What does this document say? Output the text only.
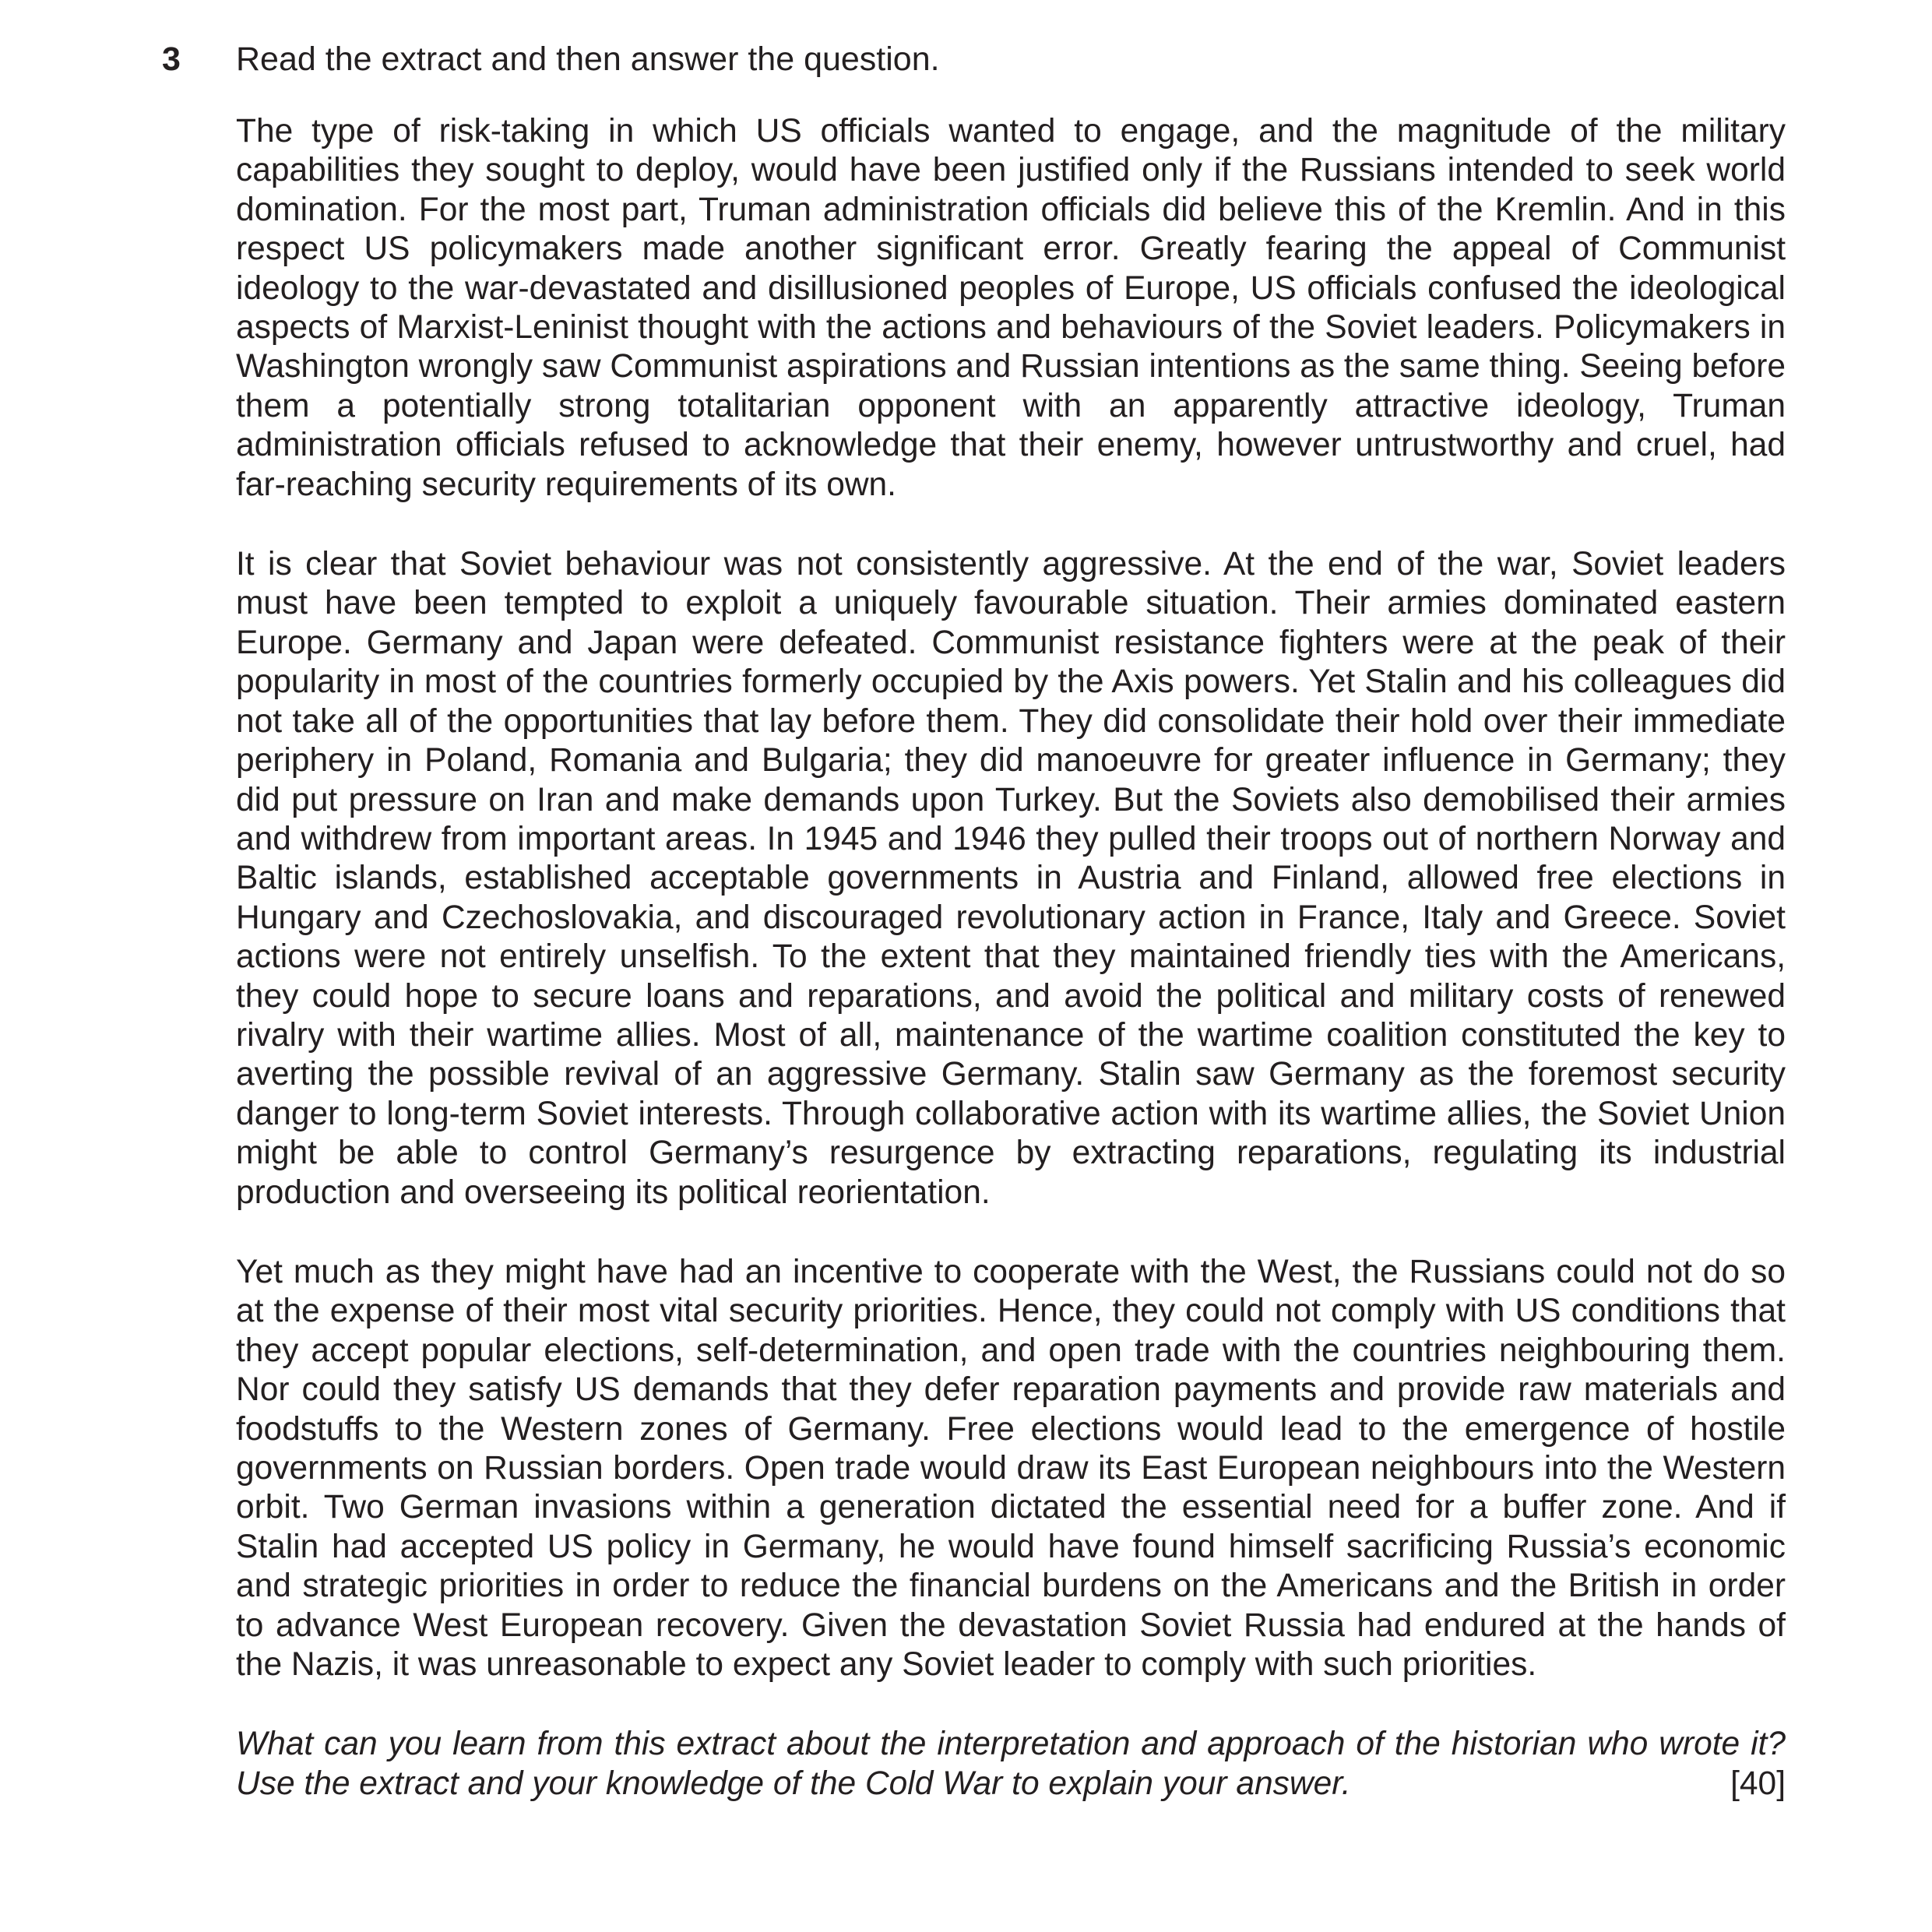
3 Read the extract and then answer the question.

The type of risk-taking in which US officials wanted to engage, and the magnitude of the military capabilities they sought to deploy, would have been justified only if the Russians intended to seek world domination. For the most part, Truman administration officials did believe this of the Kremlin. And in this respect US policymakers made another significant error. Greatly fearing the appeal of Communist ideology to the war-devastated and disillusioned peoples of Europe, US officials confused the ideological aspects of Marxist-Leninist thought with the actions and behaviours of the Soviet leaders. Policymakers in Washington wrongly saw Communist aspirations and Russian intentions as the same thing. Seeing before them a potentially strong totalitarian opponent with an apparently attractive ideology, Truman administration officials refused to acknowledge that their enemy, however untrustworthy and cruel, had far-reaching security requirements of its own.

It is clear that Soviet behaviour was not consistently aggressive. At the end of the war, Soviet leaders must have been tempted to exploit a uniquely favourable situation. Their armies dominated eastern Europe. Germany and Japan were defeated. Communist resistance fighters were at the peak of their popularity in most of the countries formerly occupied by the Axis powers. Yet Stalin and his colleagues did not take all of the opportunities that lay before them. They did consolidate their hold over their immediate periphery in Poland, Romania and Bulgaria; they did manoeuvre for greater influence in Germany; they did put pressure on Iran and make demands upon Turkey. But the Soviets also demobilised their armies and withdrew from important areas. In 1945 and 1946 they pulled their troops out of northern Norway and Baltic islands, established acceptable governments in Austria and Finland, allowed free elections in Hungary and Czechoslovakia, and discouraged revolutionary action in France, Italy and Greece. Soviet actions were not entirely unselfish. To the extent that they maintained friendly ties with the Americans, they could hope to secure loans and reparations, and avoid the political and military costs of renewed rivalry with their wartime allies. Most of all, maintenance of the wartime coalition constituted the key to averting the possible revival of an aggressive Germany. Stalin saw Germany as the foremost security danger to long-term Soviet interests. Through collaborative action with its wartime allies, the Soviet Union might be able to control Germany’s resurgence by extracting reparations, regulating its industrial production and overseeing its political reorientation.

Yet much as they might have had an incentive to cooperate with the West, the Russians could not do so at the expense of their most vital security priorities. Hence, they could not comply with US conditions that they accept popular elections, self-determination, and open trade with the countries neighbouring them. Nor could they satisfy US demands that they defer reparation payments and provide raw materials and foodstuffs to the Western zones of Germany. Free elections would lead to the emergence of hostile governments on Russian borders. Open trade would draw its East European neighbours into the Western orbit. Two German invasions within a generation dictated the essential need for a buffer zone. And if Stalin had accepted US policy in Germany, he would have found himself sacrificing Russia’s economic and strategic priorities in order to reduce the financial burdens on the Americans and the British in order to advance West European recovery. Given the devastation Soviet Russia had endured at the hands of the Nazis, it was unreasonable to expect any Soviet leader to comply with such priorities.

What can you learn from this extract about the interpretation and approach of the historian who wrote it? Use the extract and your knowledge of the Cold War to explain your answer.	[40]
